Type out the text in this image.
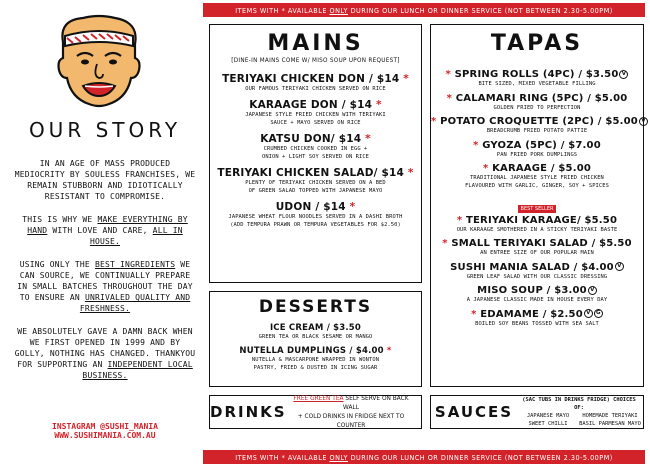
ITEMS WITH
*
AVAILABLE
ONLY
DURING OUR LUNCH OR DINNER SERVICE (NOT BETWEEN 2.30-5.00PM)
OUR STORY

IN AN AGE OF MASS PRODUCED MEDIOCRITY BY SOULESS FRANCHISES, WE REMAIN STUBBORN AND IDIOTICALLY RESISTANT TO COMPROMISE.

THIS IS WHY WE MAKE EVERYTHING BY HAND WITH LOVE AND CARE, ALL IN HOUSE.

USING ONLY THE BEST INGREDIENTS WE CAN SOURCE, WE CONTINUALLY PREPARE IN SMALL BATCHES THROUGHOUT THE DAY TO ENSURE AN UNRIVALED QUALITY AND FRESHNESS.

WE ABSOLUTELY GAVE A DAMN BACK WHEN WE FIRST OPENED IN 1999 AND BY GOLLY, NOTHING HAS CHANGED. THANKYOU FOR SUPPORTING AN INDEPENDENT LOCAL BUSINESS.

INSTAGRAM @SUSHI_MANIA
WWW.SUSHIMANIA.COM.AU
MAINS
[DINE-IN MAINS COME W/ MISO SOUP UPON REQUEST]
TERIYAKI CHICKEN DON / $14 *
OUR FAMOUS TERIYAKI CHICKEN SERVED ON RICE
KARAAGE DON / $14 *
JAPANESE STYLE FRIED CHICKEN WITH TERIYAKI
SAUCE + MAYO SERVED ON RICE
KATSU DON/ $14 *
CRUMBED CHICKEN COOKED IN EGG +
ONION + LIGHT SOY SERVED ON RICE
TERIYAKI CHICKEN SALAD/ $14 *
PLENTY OF TERIYAKI CHICKEN SERVED ON A BED
OF GREEN SALAD TOPPED WITH JAPANESE MAYO
UDON / $14 *
JAPANESE WHEAT FLOUR NOODLES SERVED IN A DASHI BROTH
(ADD TEMPURA PRAWN OR TEMPURA VEGETABLES FOR $2.50)
DESSERTS
ICE CREAM / $3.50
GREEN TEA OR BLACK SESAME OR MANGO
NUTELLA DUMPLINGS / $4.00 *
NUTELLA & MASCARPONE WRAPPED IN WONTON
PASTRY, FRIED & DUSTED IN ICING SUGAR
DRINKS
FREE GREEN TEA SELF SERVE ON BACK WALL
+ COLD DRINKS IN FRIDGE NEXT TO COUNTER
TAPAS
* SPRING ROLLS (4PC) / $3.50 V
BITE SIZED, MIXED VEGETABLE FILLING
* CALAMARI RING (5PC) / $5.00
GOLDEN FRIED TO PERFECTION
* POTATO CROQUETTE (2PC) / $5.00 V
BREADCRUMB FRIED POTATO PATTIE
* GYOZA (5PC) / $7.00
PAN FRIED PORK DUMPLINGS
* KARAAGE / $5.00
TRADITIONAL JAPANESE STYLE FRIED CHICKEN
FLAVOURED WITH GARLIC, GINGER, SOY + SPICES
BEST SELLER
* TERIYAKI KARAAGE/ $5.50
OUR KARAAGE SMOTHERED IN A STICKY TERIYAKI BASTE
* SMALL TERIYAKI SALAD / $5.50
AN ENTREE SIZE OF OUR POPULAR MAIN
SUSHI MANIA SALAD / $4.00 V
GREEN LEAF SALAD WITH OUR CLASSIC DRESSING
MISO SOUP / $3.00 V
A JAPANESE CLASSIC MADE IN HOUSE EVERY DAY
* EDAMAME / $2.50 V G
BOILED SOY BEANS TOSSED WITH SEA SALT
SAUCES
(SAC TUBS IN DRINKS FRIDGE) CHOICES OF:
JAPANESE MAYO	HOMEMADE TERIYAKI
SWEET CHILLI	BASIL PARMESAN MAYO
ITEMS WITH
*
AVAILABLE
ONLY
DURING OUR LUNCH OR DINNER SERVICE (NOT BETWEEN 2.30-5.00PM)
